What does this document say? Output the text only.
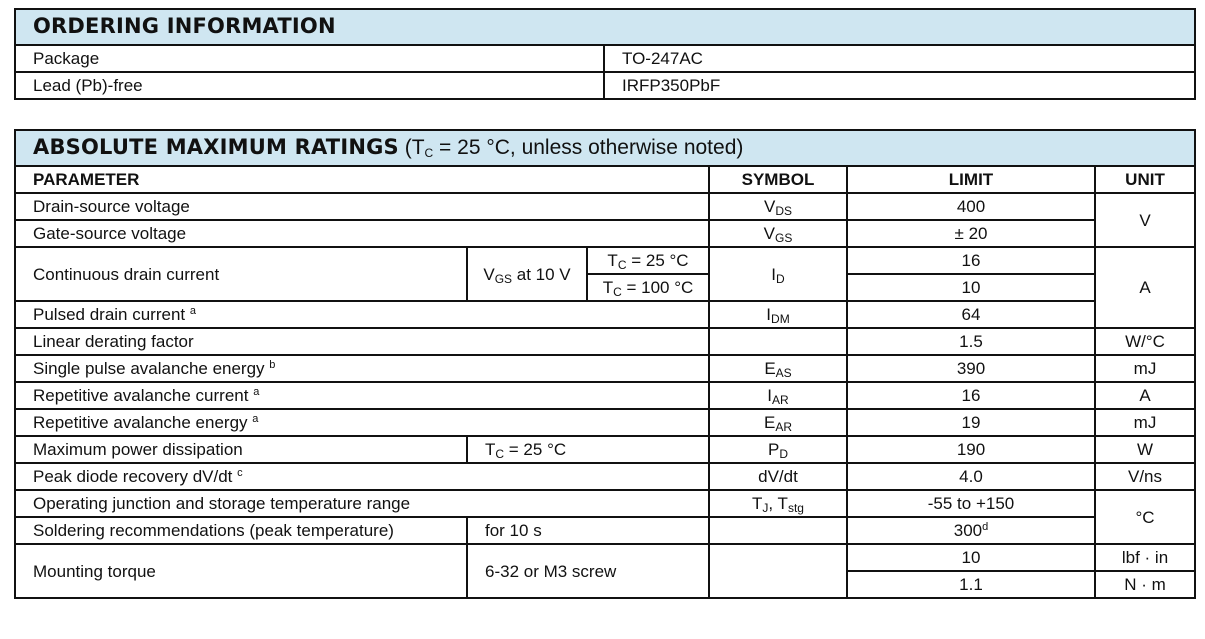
ORDERING INFORMATION	
Package	TO-247AC
Lead (Pb)-free	IRFP350PbF
ABSOLUTE MAXIMUM RATINGS ($T_C = 25$ °C, unless otherwise noted)					
PARAMETER			SYMBOL	LIMIT	UNIT
Drain-source voltage			$V_{DS}$	400	V
Gate-source voltage			$V_{GS}$	± 20	
Continuous drain current	$V_{GS}$ at 10 V	$T_C = 25$ °C	$I_D$	16	A
		$T_C = 100$ °C		10	
Pulsed drain current $^a$			$I_{DM}$	64	
Linear derating factor				1.5	W/°C
Single pulse avalanche energy $^b$			$E_{AS}$	390	mJ
Repetitive avalanche current $^a$			$I_{AR}$	16	A
Repetitive avalanche energy $^a$			$E_{AR}$	19	mJ
Maximum power dissipation	$T_C = 25$ °C		$P_D$	190	W
Peak diode recovery dV/dt $^c$			dV/dt	4.0	V/ns
Operating junction and storage temperature range			$T_J$, $T_{stg}$	-55 to +150	°C
Soldering recommendations (peak temperature)	for 10 s			300$^d$
Mounting torque	6-32 or M3 screw			10	lbf · in
				1.1	N · m
